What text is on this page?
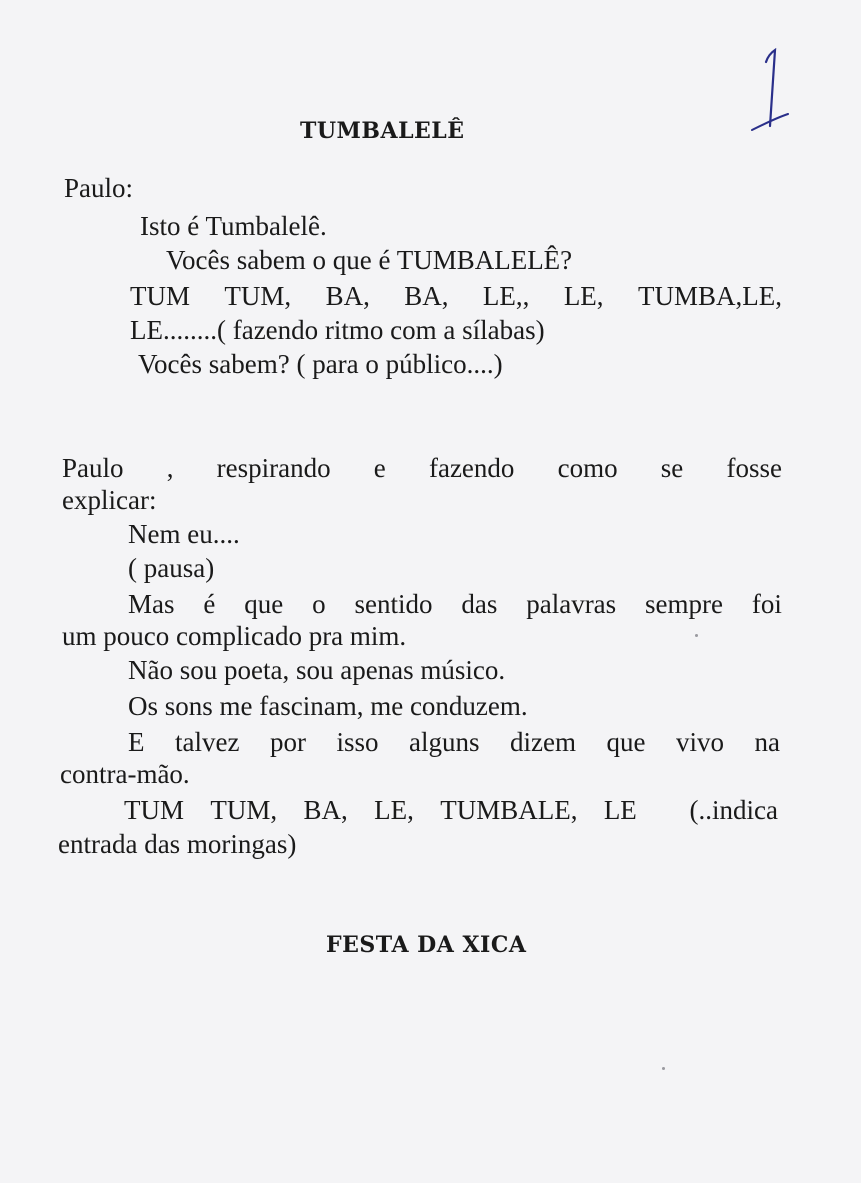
1
TUMBALELÊ
Paulo:
Isto é Tumbalelê.
Vocês sabem o que é TUMBALELÊ?
TUM TUM, BA, BA, LE,, LE, TUMBA,LE,
LE........( fazendo ritmo com a sílabas)
Vocês sabem? ( para o público....)
Paulo , respirando e fazendo como se fosse
explicar:
Nem eu....
( pausa)
Mas é que o sentido das palavras sempre foi
um pouco complicado pra mim.
Não sou poeta, sou apenas músico.
Os sons me fascinam, me conduzem.
E talvez por isso alguns dizem que vivo na
contra-mão.
TUM TUM, BA, LE, TUMBALE, LE (..indica
entrada das moringas)
FESTA DA XICA
